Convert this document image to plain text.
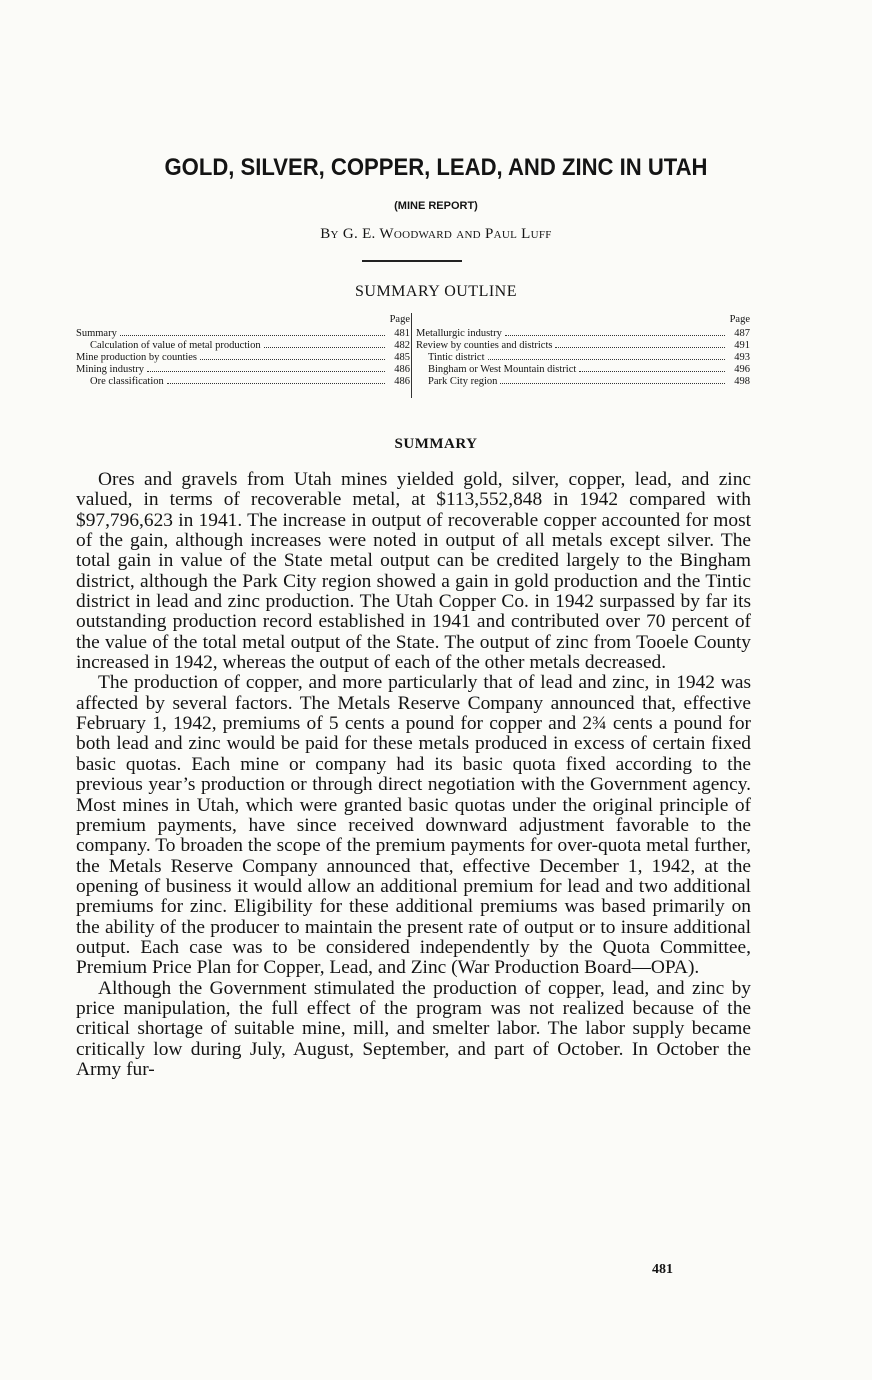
GOLD, SILVER, COPPER, LEAD, AND ZINC IN UTAH
(MINE REPORT)
By G. E. Woodward and Paul Luff
SUMMARY OUTLINE
Page
Summary	481
Calculation of value of metal production	482
Mine production by counties	485
Mining industry	486
Ore classification	486
Page
Metallurgic industry	487
Review by counties and districts	491
Tintic district	493
Bingham or West Mountain district	496
Park City region	498
SUMMARY

Ores and gravels from Utah mines yielded gold, silver, copper, lead, and zinc valued, in terms of recoverable metal, at $113,552,848 in 1942 compared with $97,796,623 in 1941. The increase in output of recoverable copper accounted for most of the gain, although increases were noted in output of all metals except silver. The total gain in value of the State metal output can be credited largely to the Bingham district, although the Park City region showed a gain in gold production and the Tintic district in lead and zinc production. The Utah Copper Co. in 1942 surpassed by far its outstanding production record established in 1941 and contributed over 70 percent of the value of the total metal output of the State. The output of zinc from Tooele County increased in 1942, whereas the output of each of the other metals decreased.

The production of copper, and more particularly that of lead and zinc, in 1942 was affected by several factors. The Metals Reserve Company announced that, effective February 1, 1942, premiums of 5 cents a pound for copper and 2¾ cents a pound for both lead and zinc would be paid for these metals produced in excess of certain fixed basic quotas. Each mine or company had its basic quota fixed according to the previous year’s production or through direct negotiation with the Government agency. Most mines in Utah, which were granted basic quotas under the original principle of premium payments, have since received downward adjustment favorable to the company. To broaden the scope of the premium payments for over-quota metal further, the Metals Reserve Company announced that, effective December 1, 1942, at the opening of business it would allow an additional premium for lead and two additional premiums for zinc. Eligibility for these additional premiums was based primarily on the ability of the producer to maintain the present rate of output or to insure additional output. Each case was to be considered independently by the Quota Committee, Premium Price Plan for Copper, Lead, and Zinc (War Production Board—OPA).

Although the Government stimulated the production of copper, lead, and zinc by price manipulation, the full effect of the program was not realized because of the critical shortage of suitable mine, mill, and smelter labor. The labor supply became critically low during July, August, September, and part of October. In October the Army fur-

481
